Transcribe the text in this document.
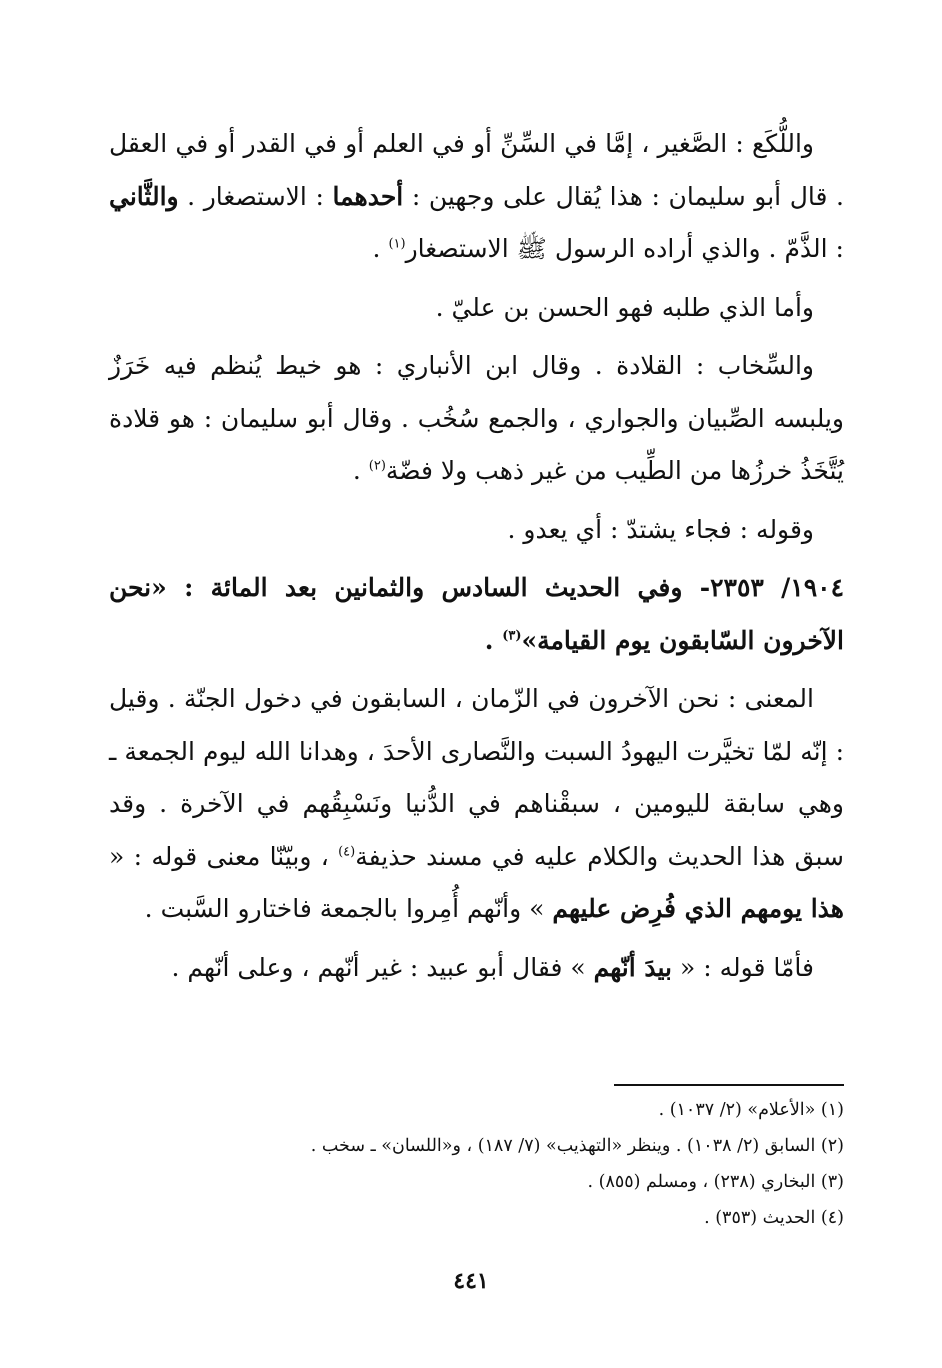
واللُّكَع : الصَّغير ، إمَّا في السِّنِّ أو في العلم أو في القدر أو في العقل . قال أبو سليمان : هذا يُقال على وجهين : أحدهما : الاستصغار . والثَّاني : الذَّمّ . والذي أراده الرسول ﷺ الاستصغار$^{(١)}$ .

وأما الذي طلبه فهو الحسن بن عليّ .

والسِّخاب : القلادة . وقال ابن الأنباري : هو خيط يُنظم فيه خَرَزٌ ويلبسه الصِّبيان والجواري ، والجمع سُخُب . وقال أبو سليمان : هو قلادة يُتَّخَذُ خرزُها من الطِّيب من غير ذهب ولا فضّة$^{(٢)}$ .

وقوله : فجاء يشتدّ : أي يعدو .

١٩٠٤/ ٢٣٥٣- وفي الحديث السادس والثمانين بعد المائة : «نحن الآخرون السّابقون يوم القيامة»$^{(٣)}$ .

المعنى : نحن الآخرون في الزّمان ، السابقون في دخول الجنّة . وقيل : إنّه لمّا تخيَّرت اليهودُ السبت والنَّصارى الأحدَ ، وهدانا الله ليوم الجمعة ـ وهي سابقة لليومين ، سبقْناهم في الدُّنيا ونَسْبِقُهم في الآخرة . وقد سبق هذا الحديث والكلام عليه في مسند حذيفة$^{(٤)}$ ، وبيّنّا معنى قوله : « هذا يومهم الذي فُرِض عليهم » وأنّهم أُمِروا بالجمعة فاختارو السَّبت .

فأمّا قوله : « بيدَ أنّهم » فقال أبو عبيد : غير أنّهم ، وعلى أنّهم .

(١) «الأعلام» (٢/ ١٠٣٧) .
(٢) السابق (٢/ ١٠٣٨) . وينظر «التهذيب» (٧/ ١٨٧) ، و«اللسان» ـ سخب .
(٣) البخاري (٢٣٨) ، ومسلم (٨٥٥) .
(٤) الحديث (٣٥٣) .
٤٤١
